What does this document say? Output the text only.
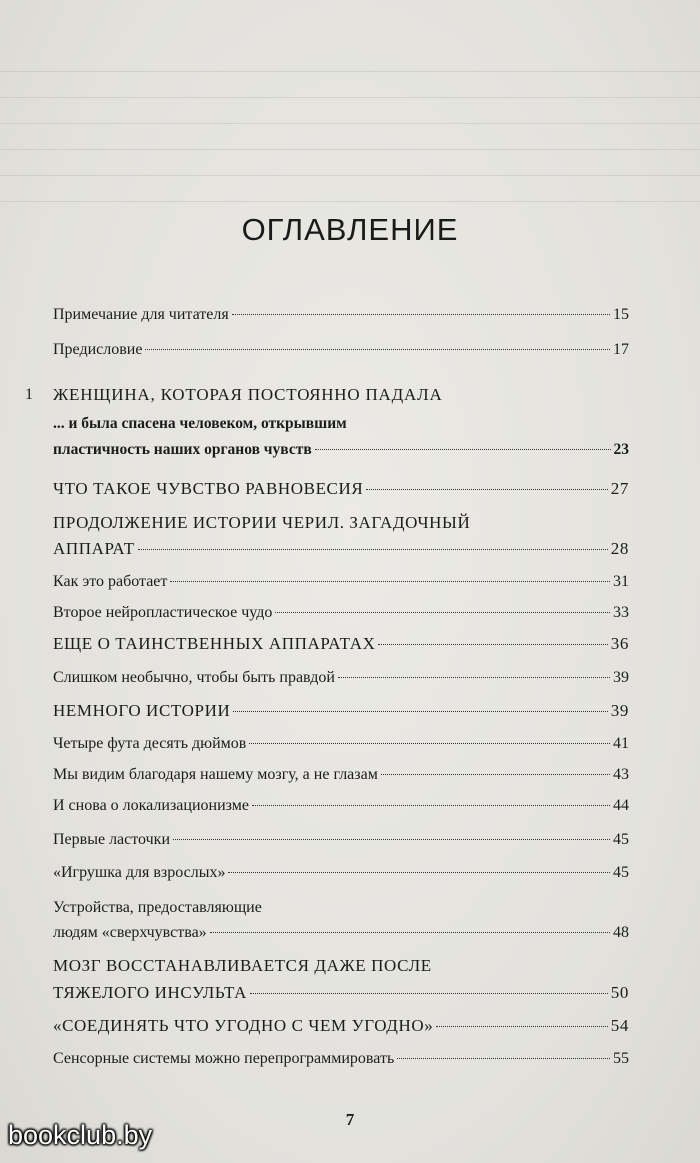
ОГЛАВЛЕНИЕ
Примечание для читателя	15
Предисловие	17
1 ЖЕНЩИНА, КОТОРАЯ ПОСТОЯННО ПАДАЛА
... и была спасена человеком, открывшим
пластичность наших органов чувств	23
ЧТО ТАКОЕ ЧУВСТВО РАВНОВЕСИЯ	27
ПРОДОЛЖЕНИЕ ИСТОРИИ ЧЕРИЛ. ЗАГАДОЧНЫЙ
АППАРАТ	28
Как это работает	31
Второе нейропластическое чудо	33
ЕЩЕ О ТАИНСТВЕННЫХ АППАРАТАХ	36
Слишком необычно, чтобы быть правдой	39
НЕМНОГО ИСТОРИИ	39
Четыре фута десять дюймов	41
Мы видим благодаря нашему мозгу, а не глазам	43
И снова о локализационизме	44
Первые ласточки	45
«Игрушка для взрослых»	45
Устройства, предоставляющие
людям «сверхчувства»	48
МОЗГ ВОССТАНАВЛИВАЕТСЯ ДАЖЕ ПОСЛЕ
ТЯЖЕЛОГО ИНСУЛЬТА	50
«СОЕДИНЯТЬ ЧТО УГОДНО С ЧЕМ УГОДНО»	54
Сенсорные системы можно перепрограммировать	55
7
bookclub.by
